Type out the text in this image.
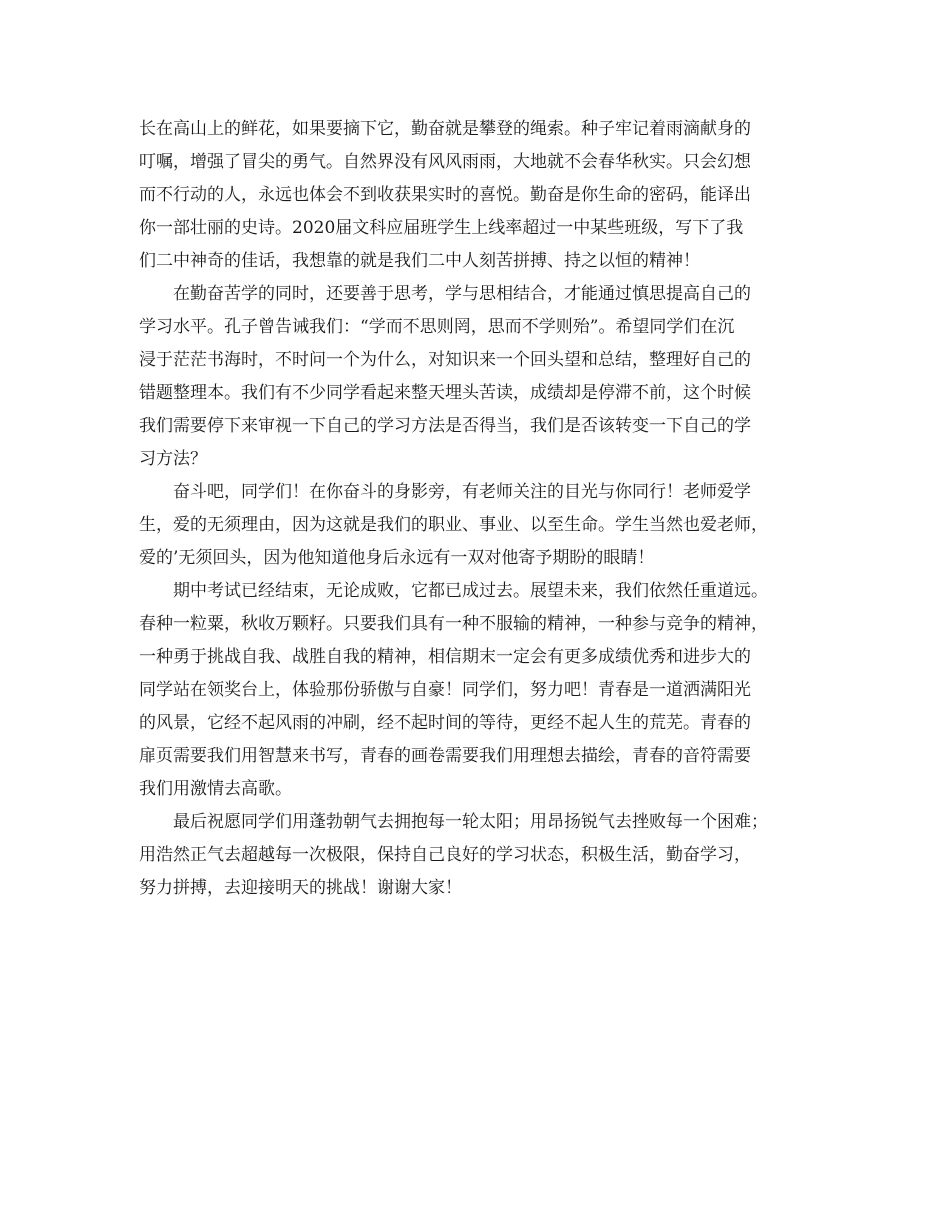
长在高山上的鲜花，如果要摘下它，勤奋就是攀登的绳索。种子牢记着雨滴献身的
叮嘱，增强了冒尖的勇气。自然界没有风风雨雨，大地就不会春华秋实。只会幻想
而不行动的人，永远也体会不到收获果实时的喜悦。勤奋是你生命的密码，能译出
你一部壮丽的史诗。2020届文科应届班学生上线率超过一中某些班级，写下了我
们二中神奇的佳话，我想靠的就是我们二中人刻苦拼搏、持之以恒的精神！
在勤奋苦学的同时，还要善于思考，学与思相结合，才能通过慎思提高自己的
学习水平。孔子曾告诫我们：“学而不思则罔，思而不学则殆”。希望同学们在沉
浸于茫茫书海时，不时问一个为什么，对知识来一个回头望和总结，整理好自己的
错题整理本。我们有不少同学看起来整天埋头苦读，成绩却是停滞不前，这个时候
我们需要停下来审视一下自己的学习方法是否得当，我们是否该转变一下自己的学
习方法？
奋斗吧，同学们！在你奋斗的身影旁，有老师关注的目光与你同行！老师爱学
生，爱的无须理由，因为这就是我们的职业、事业、以至生命。学生当然也爱老师，
爱的’无须回头，因为他知道他身后永远有一双对他寄予期盼的眼睛！
期中考试已经结束，无论成败，它都已成过去。展望未来，我们依然任重道远。
春种一粒粟，秋收万颗籽。只要我们具有一种不服输的精神，一种参与竞争的精神，
一种勇于挑战自我、战胜自我的精神，相信期末一定会有更多成绩优秀和进步大的
同学站在领奖台上，体验那份骄傲与自豪！同学们，努力吧！青春是一道洒满阳光
的风景，它经不起风雨的冲刷，经不起时间的等待，更经不起人生的荒芜。青春的
扉页需要我们用智慧来书写，青春的画卷需要我们用理想去描绘，青春的音符需要
我们用激情去高歌。
最后祝愿同学们用蓬勃朝气去拥抱每一轮太阳；用昂扬锐气去挫败每一个困难；
用浩然正气去超越每一次极限，保持自己良好的学习状态，积极生活，勤奋学习，
努力拼搏，去迎接明天的挑战！谢谢大家！
